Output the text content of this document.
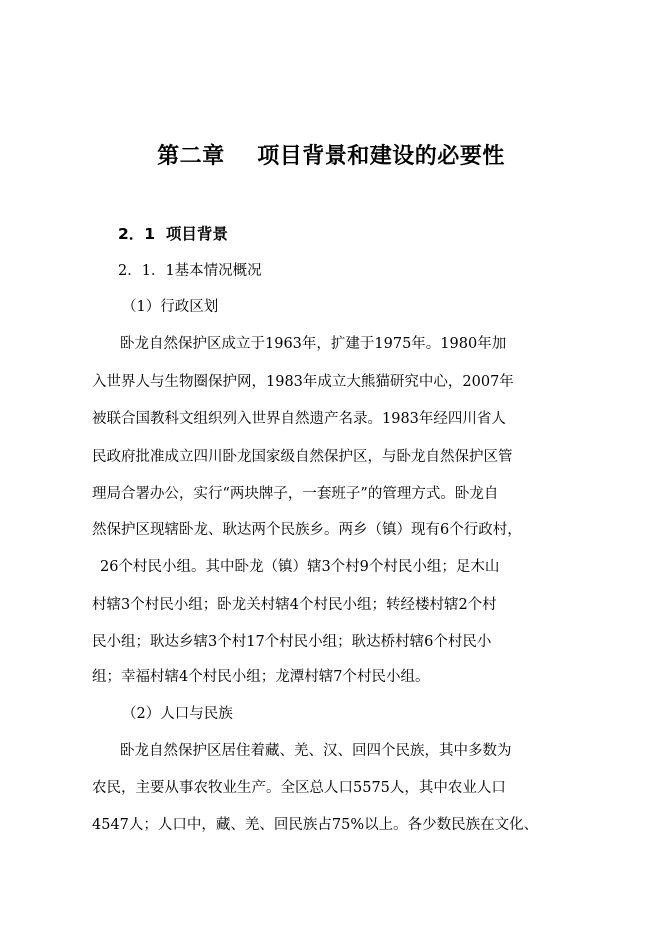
第二章    项目背景和建设的必要性
2．1  项目背景
2．1．1基本情况概况
（1）行政区划
卧龙自然保护区成立于1963年，扩建于1975年。1980年加
入世界人与生物圈保护网，1983年成立大熊猫研究中心，2007年
被联合国教科文组织列入世界自然遗产名录。1983年经四川省人
民政府批准成立四川卧龙国家级自然保护区，与卧龙自然保护区管
理局合署办公，实行“两块牌子，一套班子”的管理方式。卧龙自
然保护区现辖卧龙、耿达两个民族乡。两乡（镇）现有6个行政村，
26个村民小组。其中卧龙（镇）辖3个村9个村民小组；足木山
村辖3个村民小组；卧龙关村辖4个村民小组；转经楼村辖2个村
民小组；耿达乡辖3个村17个村民小组；耿达桥村辖6个村民小
组；幸福村辖4个村民小组；龙潭村辖7个村民小组。
（2）人口与民族
卧龙自然保护区居住着藏、羌、汉、回四个民族，其中多数为
农民，主要从事农牧业生产。全区总人口5575人，其中农业人口
4547人；人口中，藏、羌、回民族占75%以上。各少数民族在文化、
